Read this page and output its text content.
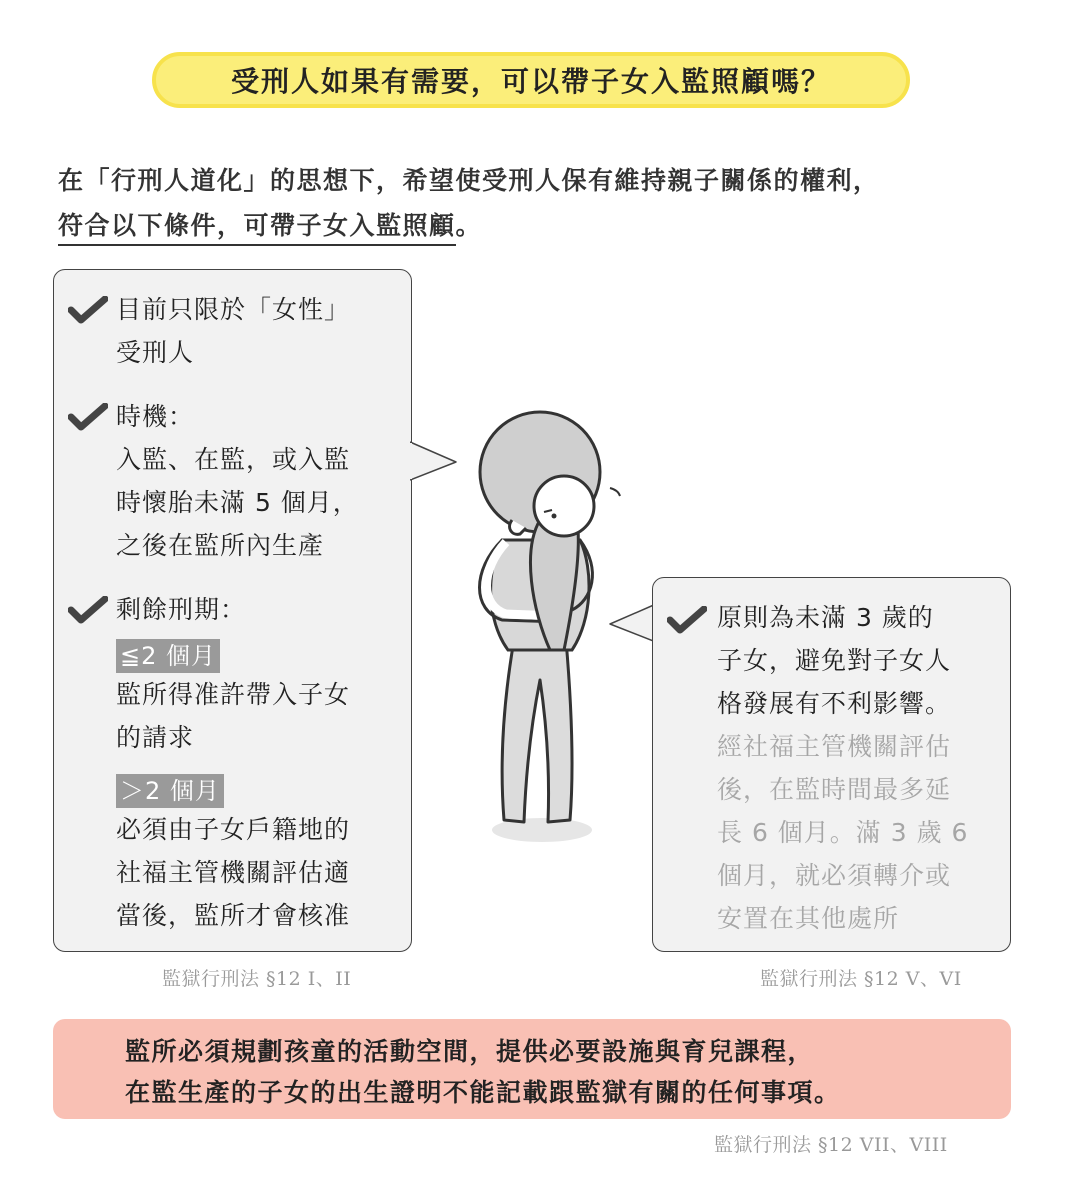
受刑人如果有需要，可以帶子女入監照顧嗎？
在「行刑人道化」的思想下，希望使受刑人保有維持親子關係的權利，
符合以下條件，可帶子女入監照顧。
目前只限於「女性」
受刑人
時機：
入監、在監，或入監
時懷胎未滿 5 個月，
之後在監所內生產
剩餘刑期：
≦2 個月
監所得准許帶入子女
的請求
＞2 個月
必須由子女戶籍地的
社福主管機關評估適
當後，監所才會核准
原則為未滿 3 歲的
子女，避免對子女人
格發展有不利影響。
經社福主管機關評估
後，在監時間最多延
長 6 個月。滿 3 歲 6
個月，就必須轉介或
安置在其他處所
監獄行刑法 §12 I、II	監獄行刑法 §12 V、VI
監所必須規劃孩童的活動空間，提供必要設施與育兒課程，
在監生產的子女的出生證明不能記載跟監獄有關的任何事項。
監獄行刑法 §12 VII、VIII
